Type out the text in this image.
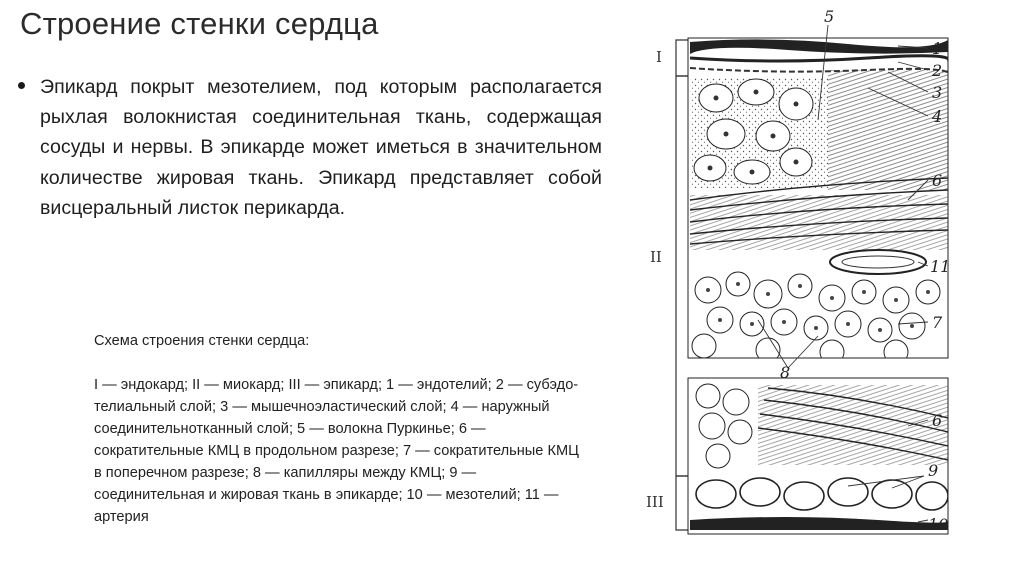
Строение стенки сердца
Эпикард покрыт мезотелием, под которым располагается рыхлая волокнистая соединительная ткань, содержащая сосуды и нервы. В эпикарде может иметься в значительном количестве жировая ткань. Эпикард представляет собой висцеральный листок перикарда.
Схема строения стенки сердца:
I — эндокард; II — миокард; III — эпикард; 1 — эндотелий; 2 — субэдо- телиальный слой; 3 — мышечноэластический слой; 4 — наружный соединительнотканный слой; 5 — волокна Пуркинье; 6 — сократительные КМЦ в продольном разрезе; 7 — сократительные КМЦ в поперечном разрезе; 8 — капилляры между КМЦ; 9 — соединительная и жировая ткань в эпикарде; 10 — мезотелий; 11 — артерия
I
II
III
5
1
2
3
4
6
11
7
8
6
9
10
